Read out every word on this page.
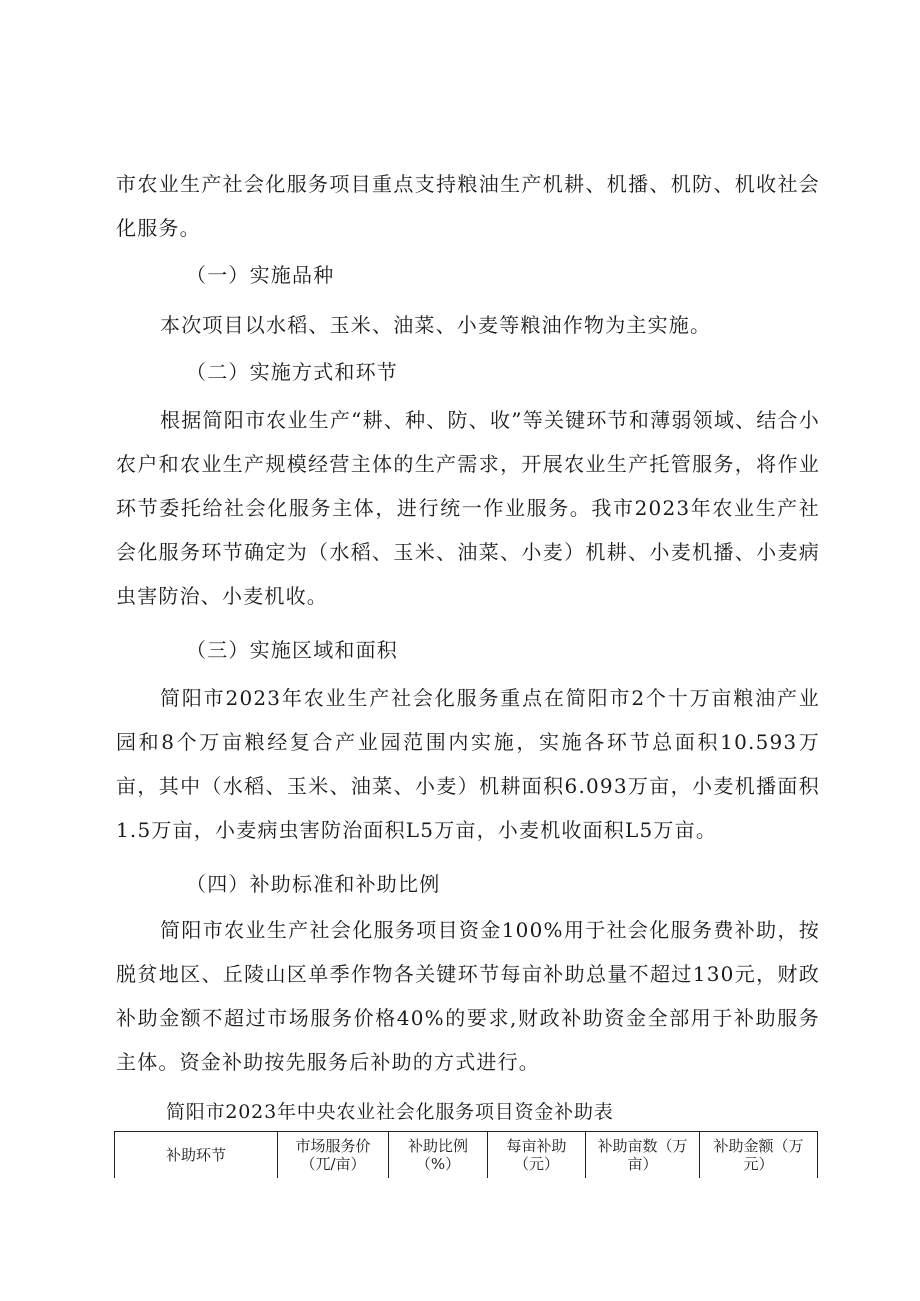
市农业生产社会化服务项目重点支持粮油生产机耕、机播、机防、机收社会化服务。

（一）实施品种

本次项目以水稻、玉米、油菜、小麦等粮油作物为主实施。

（二）实施方式和环节

根据简阳市农业生产“耕、种、防、收”等关键环节和薄弱领域、结合小农户和农业生产规模经营主体的生产需求，开展农业生产托管服务，将作业环节委托给社会化服务主体，进行统一作业服务。我市2023年农业生产社会化服务环节确定为（水稻、玉米、油菜、小麦）机耕、小麦机播、小麦病虫害防治、小麦机收。

（三）实施区域和面积

简阳市2023年农业生产社会化服务重点在简阳市2个十万亩粮油产业园和8个万亩粮经复合产业园范围内实施，实施各环节总面积10.593万亩，其中（水稻、玉米、油菜、小麦）机耕面积6.093万亩，小麦机播面积1.5万亩，小麦病虫害防治面积L5万亩，小麦机收面积L5万亩。

（四）补助标准和补助比例

简阳市农业生产社会化服务项目资金100%用于社会化服务费补助，按脱贫地区、丘陵山区单季作物各关键环节每亩补助总量不超过130元，财政补助金额不超过市场服务价格40%的要求,财政补助资金全部用于补助服务主体。资金补助按先服务后补助的方式进行。

简阳市2023年中央农业社会化服务项目资金补助表

补助环节	市场服务价（兀/亩）	补助比例（%）	每亩补助（元）	补助亩数（万亩）	补助金额（万元）
